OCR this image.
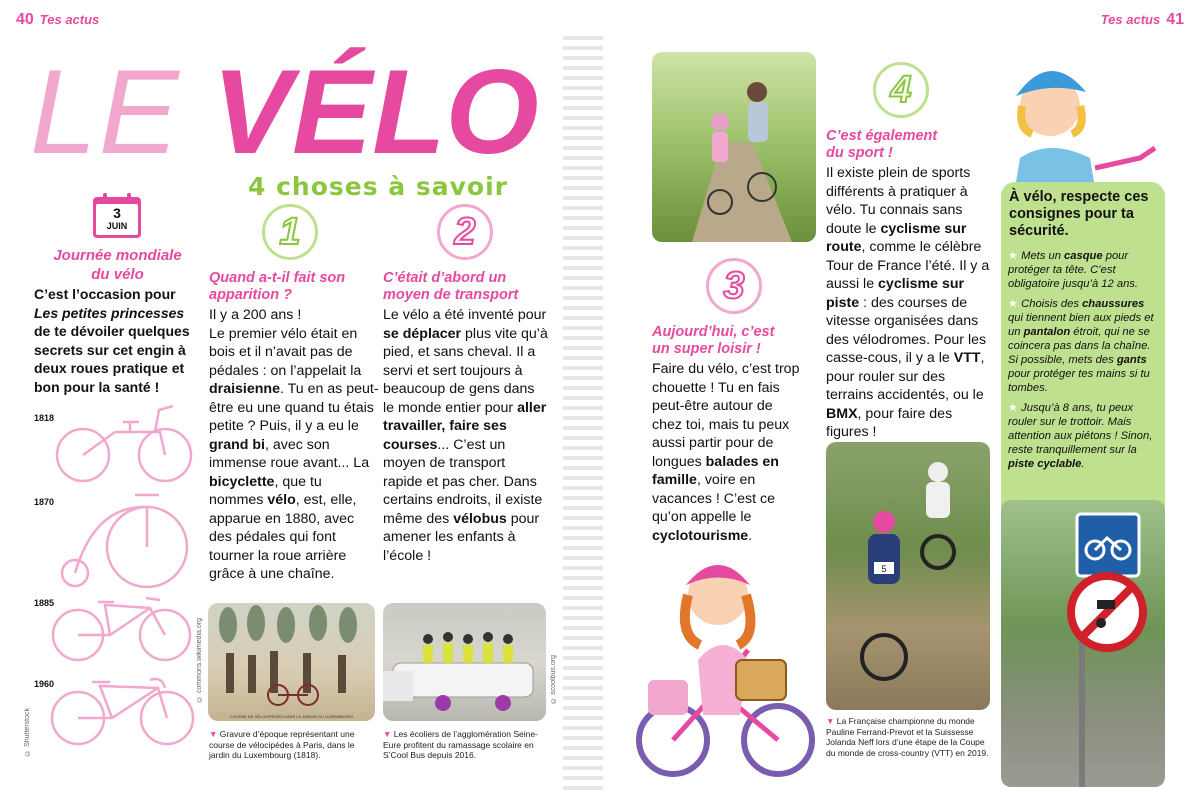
40 Tes actus	Tes actus 41
LE VÉLO
4 choses à savoir
3
JUIN
Journée mondiale
du vélo
C’est l’occasion pour Les petites princesses de te dévoiler quelques secrets sur cet engin à deux roues pratique et bon pour la santé !
1818
1870
1885
1960
© Shutterstock
1
Quand a-t-il fait son apparition ?
Il y a 200 ans !
Le premier vélo était en bois et il n’avait pas de pédales : on l’appelait la draisienne. Tu en as peut-être eu une quand tu étais petite ? Puis, il y a eu le grand bi, avec son immense roue avant... La bicyclette, que tu nommes vélo, est, elle, apparue en 1880, avec des pédales qui font tourner la roue arrière grâce à une chaîne.
COURSE DE VÉLOCIPÈDES DANS LE JARDIN DU LUXEMBOURG
© commons.wikimedia.org
▼ Gravure d’époque représentant une course de vélocipèdes à Paris, dans le jardin du Luxembourg (1818).
2
C’était d’abord un moyen de transport
Le vélo a été inventé pour se déplacer plus vite qu’à pied, et sans cheval. Il a servi et sert toujours à beaucoup de gens dans le monde entier pour aller travailler, faire ses courses... C’est un moyen de transport rapide et pas cher. Dans certains endroits, il existe même des vélobus pour amener les enfants à l’école !
© scoolbus.org
▼ Les écoliers de l’agglomération Seine-Eure profitent du ramassage scolaire en S’Cool Bus depuis 2016.
3
Aujourd’hui, c’est un super loisir !
Faire du vélo, c’est trop chouette ! Tu en fais peut-être autour de chez toi, mais tu peux aussi partir pour de longues balades en famille, voire en vacances ! C’est ce qu’on appelle le cyclotourisme.
4
C’est également du sport !
Il existe plein de sports différents à pratiquer à vélo. Tu connais sans doute le cyclisme sur route, comme le célèbre Tour de France l’été. Il y a aussi le cyclisme sur piste : des courses de vitesse organisées dans des vélodromes. Pour les casse-cous, il y a le VTT, pour rouler sur des terrains accidentés, ou le BMX, pour faire des figures !
5
▼ La Française championne du monde Pauline Ferrand-Prevot et la Suissesse Jolanda Neff lors d’une étape de la Coupe du monde de cross-country (VTT) en 2019.
À vélo, respecte ces consignes pour ta sécurité.
★ Mets un casque pour protéger ta tête. C’est obligatoire jusqu’à 12 ans.
★ Choisis des chaussures qui tiennent bien aux pieds et un pantalon étroit, qui ne se coincera pas dans la chaîne. Si possible, mets des gants pour protéger tes mains si tu tombes.
★ Jusqu’à 8 ans, tu peux rouler sur le trottoir. Mais attention aux piétons ! Sinon, reste tranquillement sur la piste cyclable.
